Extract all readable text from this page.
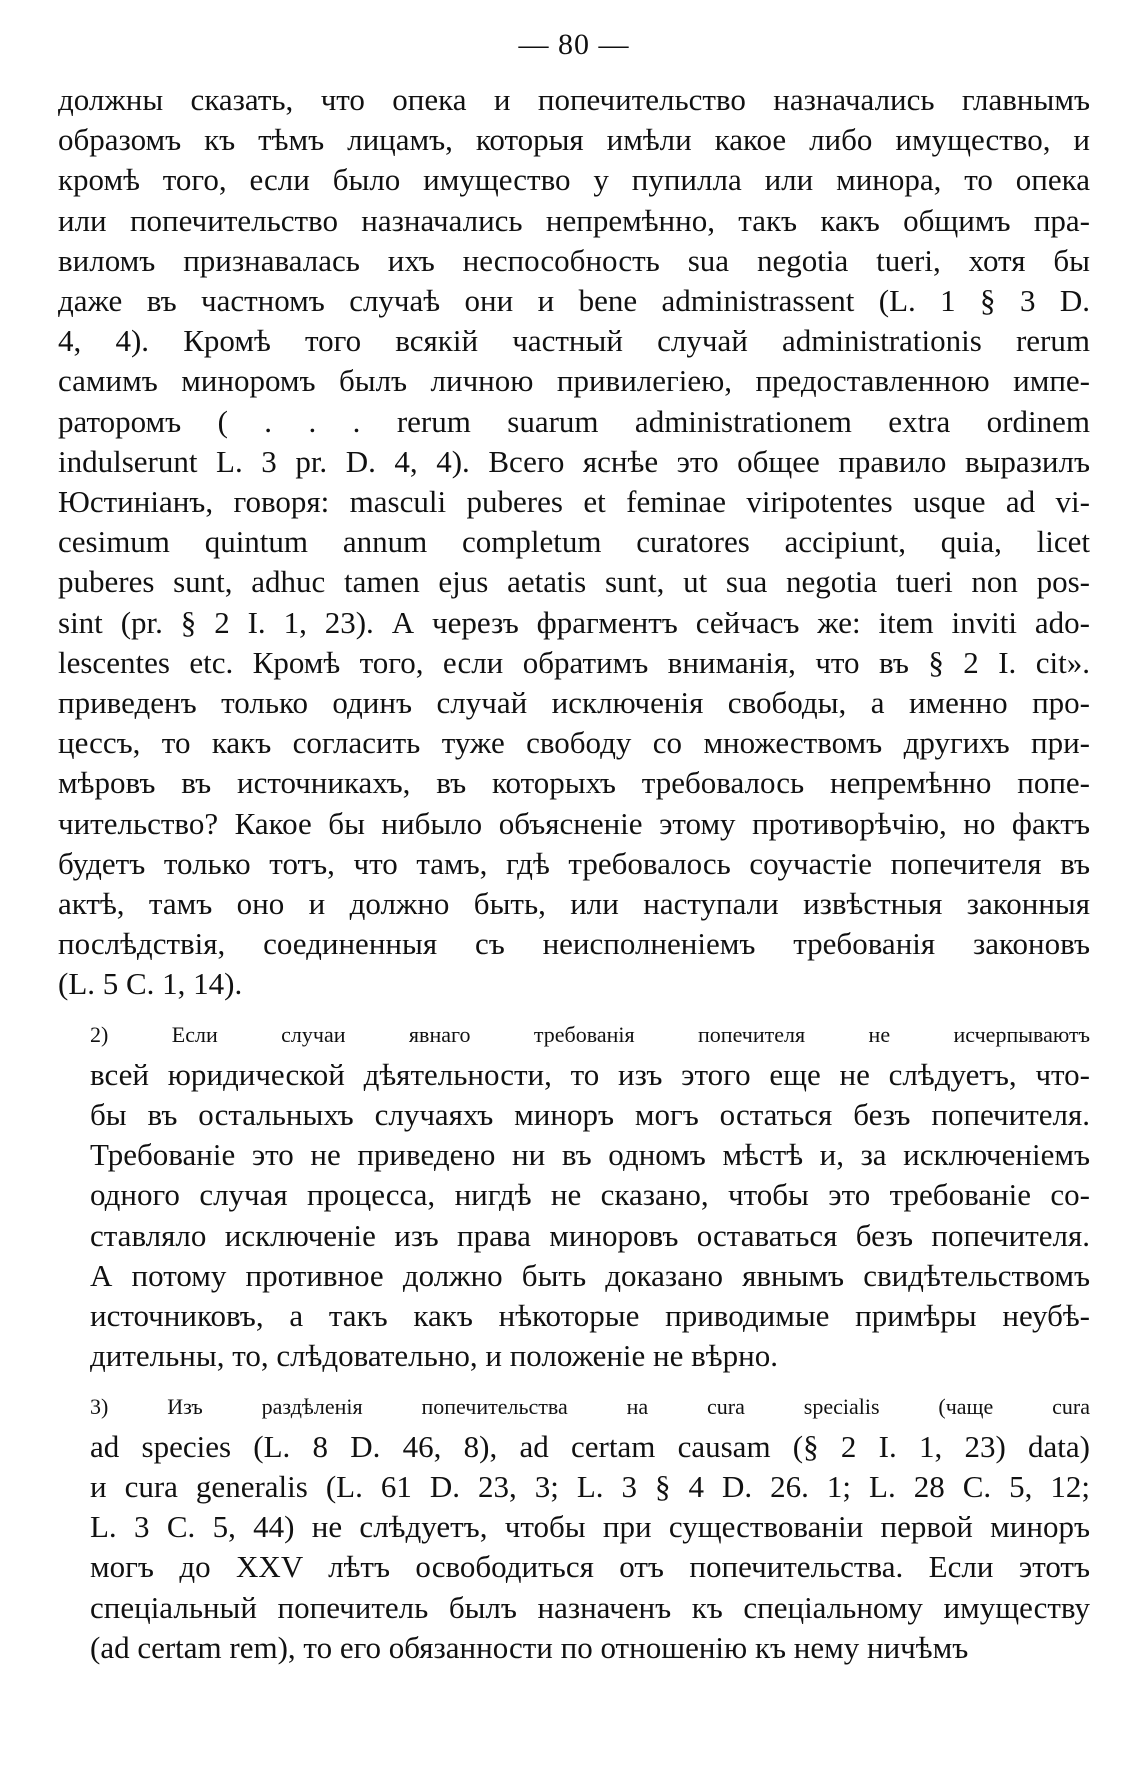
— 80 —
должны сказать, что опека и попечительство назначались главнымъ
образомъ къ тѣмъ лицамъ, которыя имѣли какое либо имущество, и
кромѣ того, если было имущество у пупилла или минора, то опека
или попечительство назначались непремѣнно, такъ какъ общимъ пра-
виломъ признавалась ихъ неспособность sua negotia tueri, хотя бы
даже въ частномъ случаѣ они и bene administrassent (L. 1 § 3 D.
4, 4). Кромѣ того всякій частный случай administrationis rerum
самимъ миноромъ былъ личною привилегіею, предоставленною импе-
раторомъ ( . . . rerum suarum administrationem extra ordinem
indulserunt L. 3 pr. D. 4, 4). Всего яснѣе это общее правило выразилъ
Юстиніанъ, говоря: masculi puberes et feminae viripotentes usque ad vi-
cesimum quintum annum completum curatores accipiunt, quia, licet
puberes sunt, adhuc tamen ejus aetatis sunt, ut sua negotia tueri non pos-
sint (pr. § 2 I. 1, 23). А черезъ фрагментъ сейчасъ же: item inviti ado-
lescentes etc. Кромѣ того, если обратимъ вниманія, что въ § 2 I. cit».
приведенъ только одинъ случай исключенія свободы, а именно про-
цессъ, то какъ согласить туже свободу со множествомъ другихъ при-
мѣровъ въ источникахъ, въ которыхъ требовалось непремѣнно попе-
чительство? Какое бы нибыло объясненіе этому противорѣчію, но фактъ
будетъ только тотъ, что тамъ, гдѣ требовалось соучастіе попечителя въ
актѣ, тамъ оно и должно быть, или наступали извѣстныя законныя
послѣдствія, соединенныя съ неисполненіемъ требованія законовъ
(L. 5 C. 1, 14).
2) Если случаи явнаго требованія попечителя не исчерпываютъ
всей юридической дѣятельности, то изъ этого еще не слѣдуетъ, что-
бы въ остальныхъ случаяхъ миноръ могъ остаться безъ попечителя.
Требованіе это не приведено ни въ одномъ мѣстѣ и, за исключеніемъ
одного случая процесса, нигдѣ не сказано, чтобы это требованіе со-
ставляло исключеніе изъ права миноровъ оставаться безъ попечителя.
А потому противное должно быть доказано явнымъ свидѣтельствомъ
источниковъ, а такъ какъ нѣкоторые приводимые примѣры неубѣ-
дительны, то, слѣдовательно, и положеніе не вѣрно.
3) Изъ раздѣленія попечительства на cura specialis (чаще cura
ad species (L. 8 D. 46, 8), ad certam causam (§ 2 I. 1, 23) data)
и cura generalis (L. 61 D. 23, 3; L. 3 § 4 D. 26. 1; L. 28 C. 5, 12;
L. 3 C. 5, 44) не слѣдуетъ, чтобы при существованіи первой миноръ
могъ до XXV лѣтъ освободиться отъ попечительства. Если этотъ
спеціальный попечитель былъ назначенъ къ спеціальному имуществу
(ad certam rem), то его обязанности по отношенію къ нему ничѣмъ
